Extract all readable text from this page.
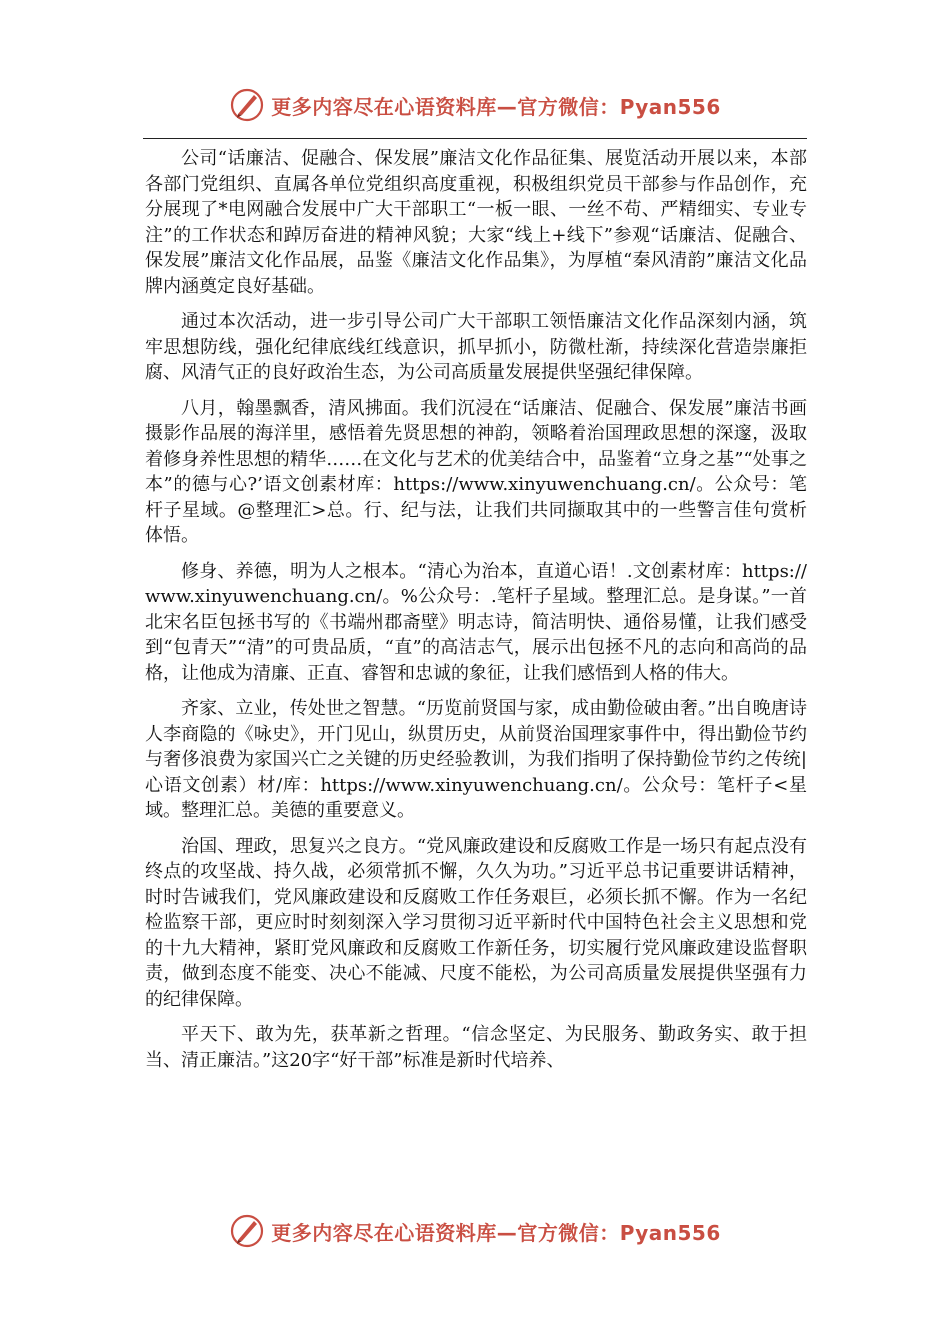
更多内容尽在心语资料库—官方微信：Pyan556

公司“话廉洁、促融合、保发展”廉洁文化作品征集、展览活动开展以来，本部各部门党组织、直属各单位党组织高度重视，积极组织党员干部参与作品创作，充分展现了*电网融合发展中广大干部职工“一板一眼、一丝不苟、严精细实、专业专注”的工作状态和踔厉奋进的精神风貌；大家“线上+线下”参观“话廉洁、促融合、保发展”廉洁文化作品展，品鉴《廉洁文化作品集》，为厚植“秦风清韵”廉洁文化品牌内涵奠定良好基础。

通过本次活动，进一步引导公司广大干部职工领悟廉洁文化作品深刻内涵，筑牢思想防线，强化纪律底线红线意识，抓早抓小，防微杜渐，持续深化营造崇廉拒腐、风清气正的良好政治生态，为公司高质量发展提供坚强纪律保障。

八月，翰墨飘香，清风拂面。我们沉浸在“话廉洁、促融合、保发展”廉洁书画摄影作品展的海洋里，感悟着先贤思想的神韵，领略着治国理政思想的深邃，汲取着修身养性思想的精华……在文化与艺术的优美结合中，品鉴着“立身之基”“处事之本”的德与心?’语文创素材库：https://www.xinyuwenchuang.cn/。公众号：笔杆子星域。@整理汇>总。行、纪与法，让我们共同撷取其中的一些警言佳句赏析体悟。

修身、养德，明为人之根本。“清心为治本，直道心语！.文创素材库：https://www.xinyuwenchuang.cn/。%公众号：.笔杆子星域。整理汇总。是身谋。”一首北宋名臣包拯书写的《书端州郡斋壁》明志诗，简洁明快、通俗易懂，让我们感受到“包青天”“清”的可贵品质，“直”的高洁志气，展示出包拯不凡的志向和高尚的品格，让他成为清廉、正直、睿智和忠诚的象征，让我们感悟到人格的伟大。

齐家、立业，传处世之智慧。“历览前贤国与家，成由勤俭破由奢。”出自晚唐诗人李商隐的《咏史》，开门见山，纵贯历史，从前贤治国理家事件中，得出勤俭节约与奢侈浪费为家国兴亡之关键的历史经验教训，为我们指明了保持勤俭节约之传统|心语文创素）材/库：https://www.xinyuwenchuang.cn/。公众号：笔杆子<星域。整理汇总。美德的重要意义。

治国、理政，思复兴之良方。“党风廉政建设和反腐败工作是一场只有起点没有终点的攻坚战、持久战，必须常抓不懈，久久为功。”习近平总书记重要讲话精神，时时告诫我们，党风廉政建设和反腐败工作任务艰巨，必须长抓不懈。作为一名纪检监察干部，更应时时刻刻深入学习贯彻习近平新时代中国特色社会主义思想和党的十九大精神，紧盯党风廉政和反腐败工作新任务，切实履行党风廉政建设监督职责，做到态度不能变、决心不能减、尺度不能松，为公司高质量发展提供坚强有力的纪律保障。

平天下、敢为先，获革新之哲理。“信念坚定、为民服务、勤政务实、敢于担当、清正廉洁。”这20字“好干部”标准是新时代培养、

更多内容尽在心语资料库—官方微信：Pyan556
